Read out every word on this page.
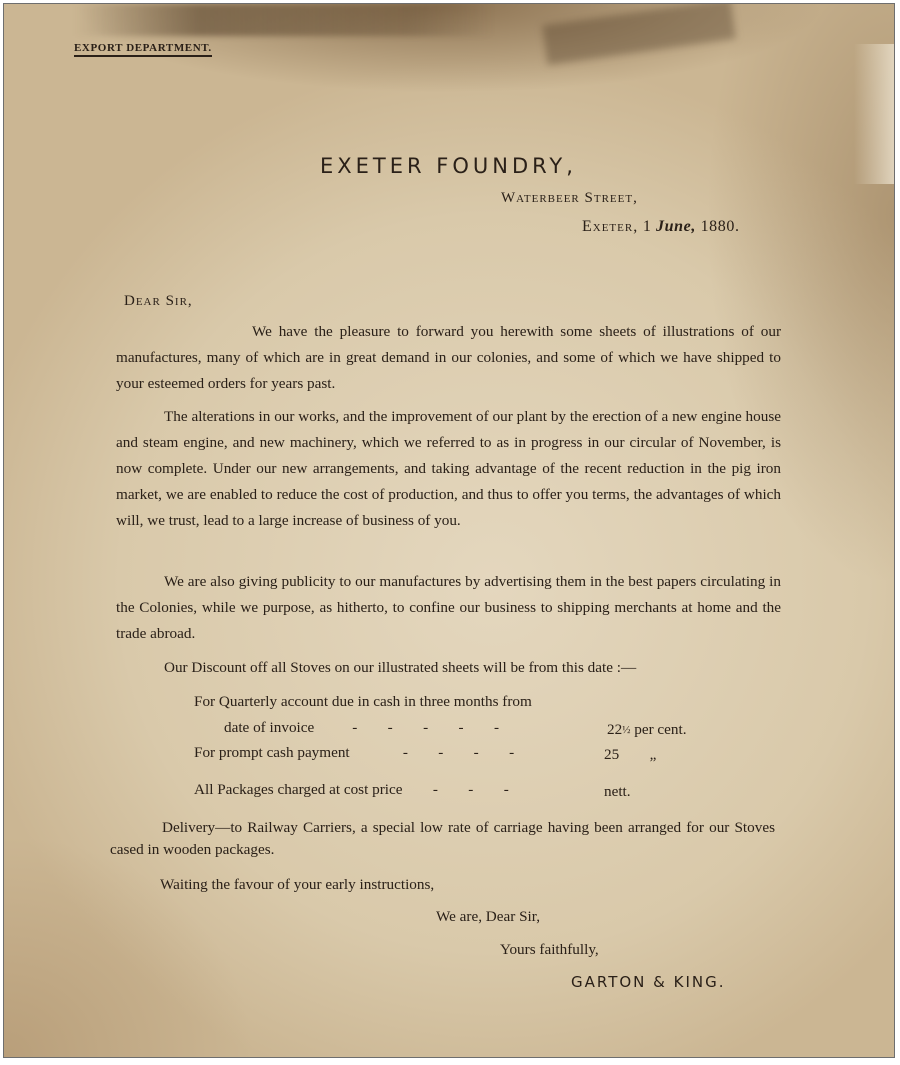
EXPORT DEPARTMENT.
EXETER FOUNDRY,
Waterbeer Street,
Exeter, 1 June, 1880.
Dear Sir,
We have the pleasure to forward you herewith some sheets of illustrations of our manufactures, many of which are in great demand in our colonies, and some of which we have shipped to your esteemed orders for years past.
The alterations in our works, and the improvement of our plant by the erection of a new engine house and steam engine, and new machinery, which we referred to as in progress in our circular of November, is now complete. Under our new arrangements, and taking advantage of the recent reduction in the pig iron market, we are enabled to reduce the cost of production, and thus to offer you terms, the advantages of which will, we trust, lead to a large increase of business of you.
We are also giving publicity to our manufactures by advertising them in the best papers circulating in the Colonies, while we purpose, as hitherto, to confine our business to shipping merchants at home and the trade abroad.
Our Discount off all Stoves on our illustrated sheets will be from this date :—
For Quarterly account due in cash in three months from
date of invoice -        -        -        -        -	22½ per cent.
For prompt cash payment	-        -        -        -	25        „
All Packages charged at cost price -        -        -	nett.
Delivery—to Railway Carriers, a special low rate of carriage having been arranged for our Stoves cased in wooden packages.
Waiting the favour of your early instructions,
We are, Dear Sir,
Yours faithfully,
GARTON & KING.
